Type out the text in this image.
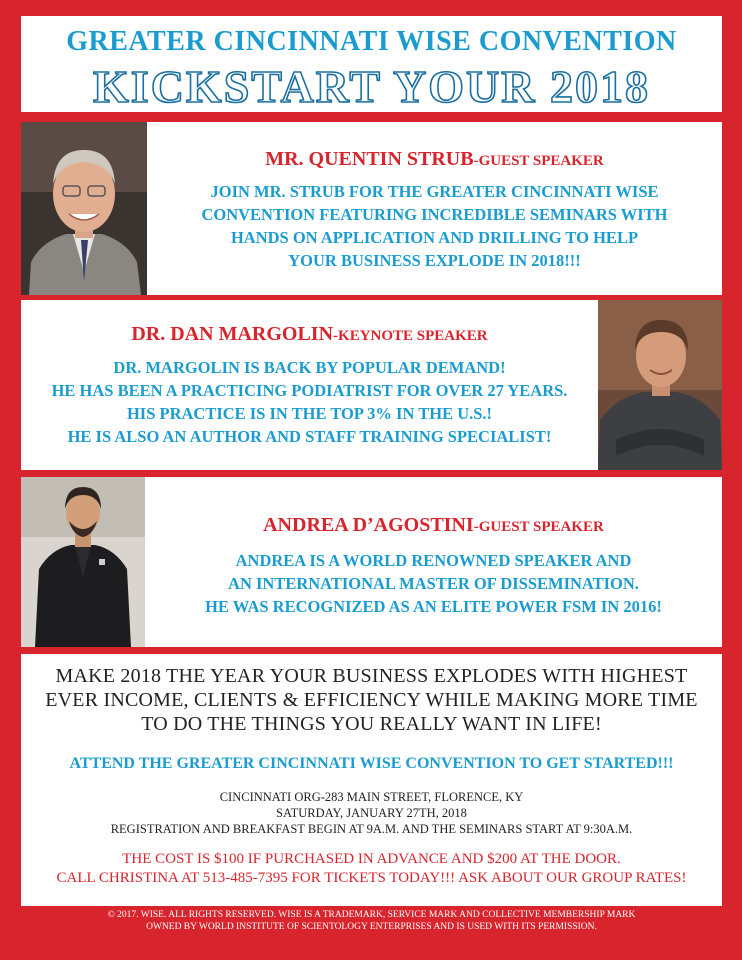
GREATER CINCINNATI WISE CONVENTION
KICKSTART YOUR 2018
MR. QUENTIN STRUB-GUEST SPEAKER
JOIN MR. STRUB FOR THE GREATER CINCINNATI WISE
CONVENTION FEATURING INCREDIBLE SEMINARS WITH
HANDS ON APPLICATION AND DRILLING TO HELP
YOUR BUSINESS EXPLODE IN 2018!!!
DR. DAN MARGOLIN-KEYNOTE SPEAKER
DR. MARGOLIN IS BACK BY POPULAR DEMAND!
HE HAS BEEN A PRACTICING PODIATRIST FOR OVER 27 YEARS.
HIS PRACTICE IS IN THE TOP 3% IN THE U.S.!
HE IS ALSO AN AUTHOR AND STAFF TRAINING SPECIALIST!
ANDREA D’AGOSTINI-GUEST SPEAKER
ANDREA IS A WORLD RENOWNED SPEAKER AND
AN INTERNATIONAL MASTER OF DISSEMINATION.
HE WAS RECOGNIZED AS AN ELITE POWER FSM IN 2016!
MAKE 2018 THE YEAR YOUR BUSINESS EXPLODES WITH HIGHEST
EVER INCOME, CLIENTS & EFFICIENCY WHILE MAKING MORE TIME
TO DO THE THINGS YOU REALLY WANT IN LIFE!
ATTEND THE GREATER CINCINNATI WISE CONVENTION TO GET STARTED!!!
CINCINNATI ORG-283 MAIN STREET, FLORENCE, KY
SATURDAY, JANUARY 27TH, 2018
REGISTRATION AND BREAKFAST BEGIN AT 9A.M. AND THE SEMINARS START AT 9:30A.M.
THE COST IS $100 IF PURCHASED IN ADVANCE AND $200 AT THE DOOR.
CALL CHRISTINA AT 513-485-7395 FOR TICKETS TODAY!!! ASK ABOUT OUR GROUP RATES!
© 2017. WISE. ALL RIGHTS RESERVED. WISE IS A TRADEMARK, SERVICE MARK AND COLLECTIVE MEMBERSHIP MARK
OWNED BY WORLD INSTITUTE OF SCIENTOLOGY ENTERPRISES AND IS USED WITH ITS PERMISSION.
